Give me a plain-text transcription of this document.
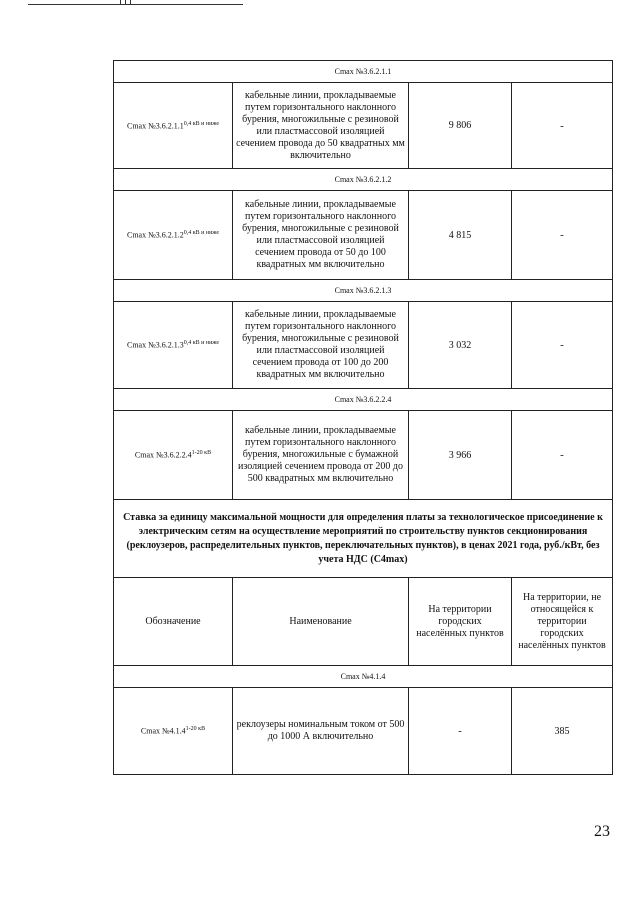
Cmax №3.6.2.1.1			
Cmax $№3.6.2.1.1^{0,4 кВ и ниже}$	кабельные линии, прокладываемые путем горизонтального наклонного бурения, многожильные с резиновой или пластмассовой изоляцией сечением провода до 50 квадратных мм включительно	9 806	-
Cmax №3.6.2.1.2			
Cmax $№3.6.2.1.2^{0,4 кВ и ниже}$	кабельные линии, прокладываемые путем горизонтального наклонного бурения, многожильные с резиновой или пластмассовой изоляцией сечением провода от 50 до 100 квадратных мм включительно	4 815	-
Cmax №3.6.2.1.3			
Cmax $№3.6.2.1.3^{0,4 кВ и ниже}$	кабельные линии, прокладываемые путем горизонтального наклонного бурения, многожильные с резиновой или пластмассовой изоляцией сечением провода от 100 до 200 квадратных мм включительно	3 032	-
Cmax №3.6.2.2.4			
Cmax $№3.6.2.2.4^{1-20 кВ}$	кабельные линии, прокладываемые путем горизонтального наклонного бурения, многожильные с бумажной изоляцией сечением провода от 200 до 500 квадратных мм включительно	3 966	-
Ставка за единицу максимальной мощности для определения платы за технологическое присоединение к электрическим сетям на осуществление мероприятий по строительству пунктов секционирования (реклоузеров, распределительных пунктов, переключательных пунктов), в ценах 2021 года, руб./кВт, без учета НДС (C4max)			
Обозначение	Наименование	На территории городских населённых пунктов	На территории, не относящейся к территории городских населённых пунктов
Cmax №4.1.4			
Cmax $№4.1.4^{1-20 кВ}$	реклоузеры номинальным током от 500 до 1000 А включительно	-	385
23
